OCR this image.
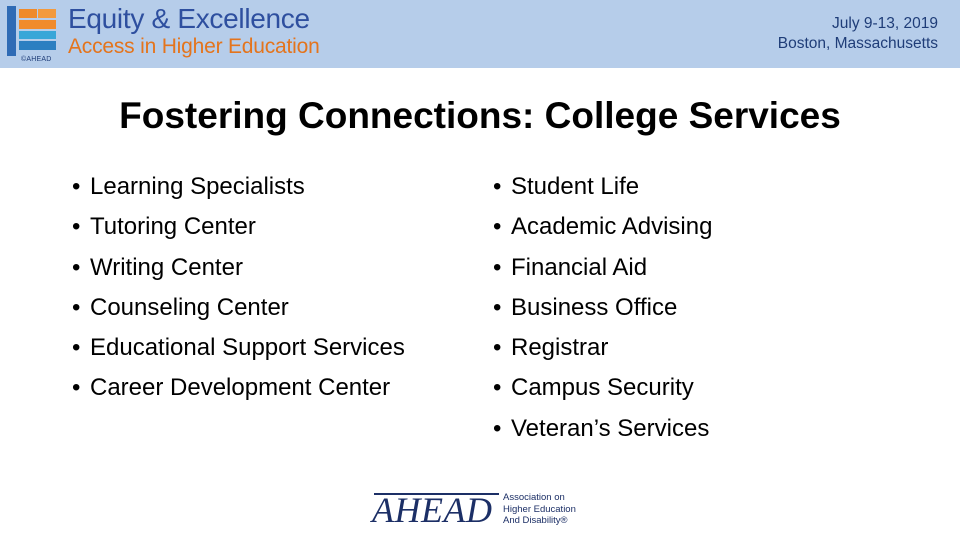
©AHEAD
Equity & Excellence
Access in Higher Education
July 9-13, 2019
Boston, Massachusetts
Fostering Connections: College Services
• Learning Specialists
• Tutoring Center
• Writing Center
• Counseling Center
• Educational Support Services
• Career Development Center
• Student Life
• Academic Advising
• Financial Aid
• Business Office
• Registrar
• Campus Security
• Veteran’s Services
AHEAD Association on
Higher Education
And Disability®
